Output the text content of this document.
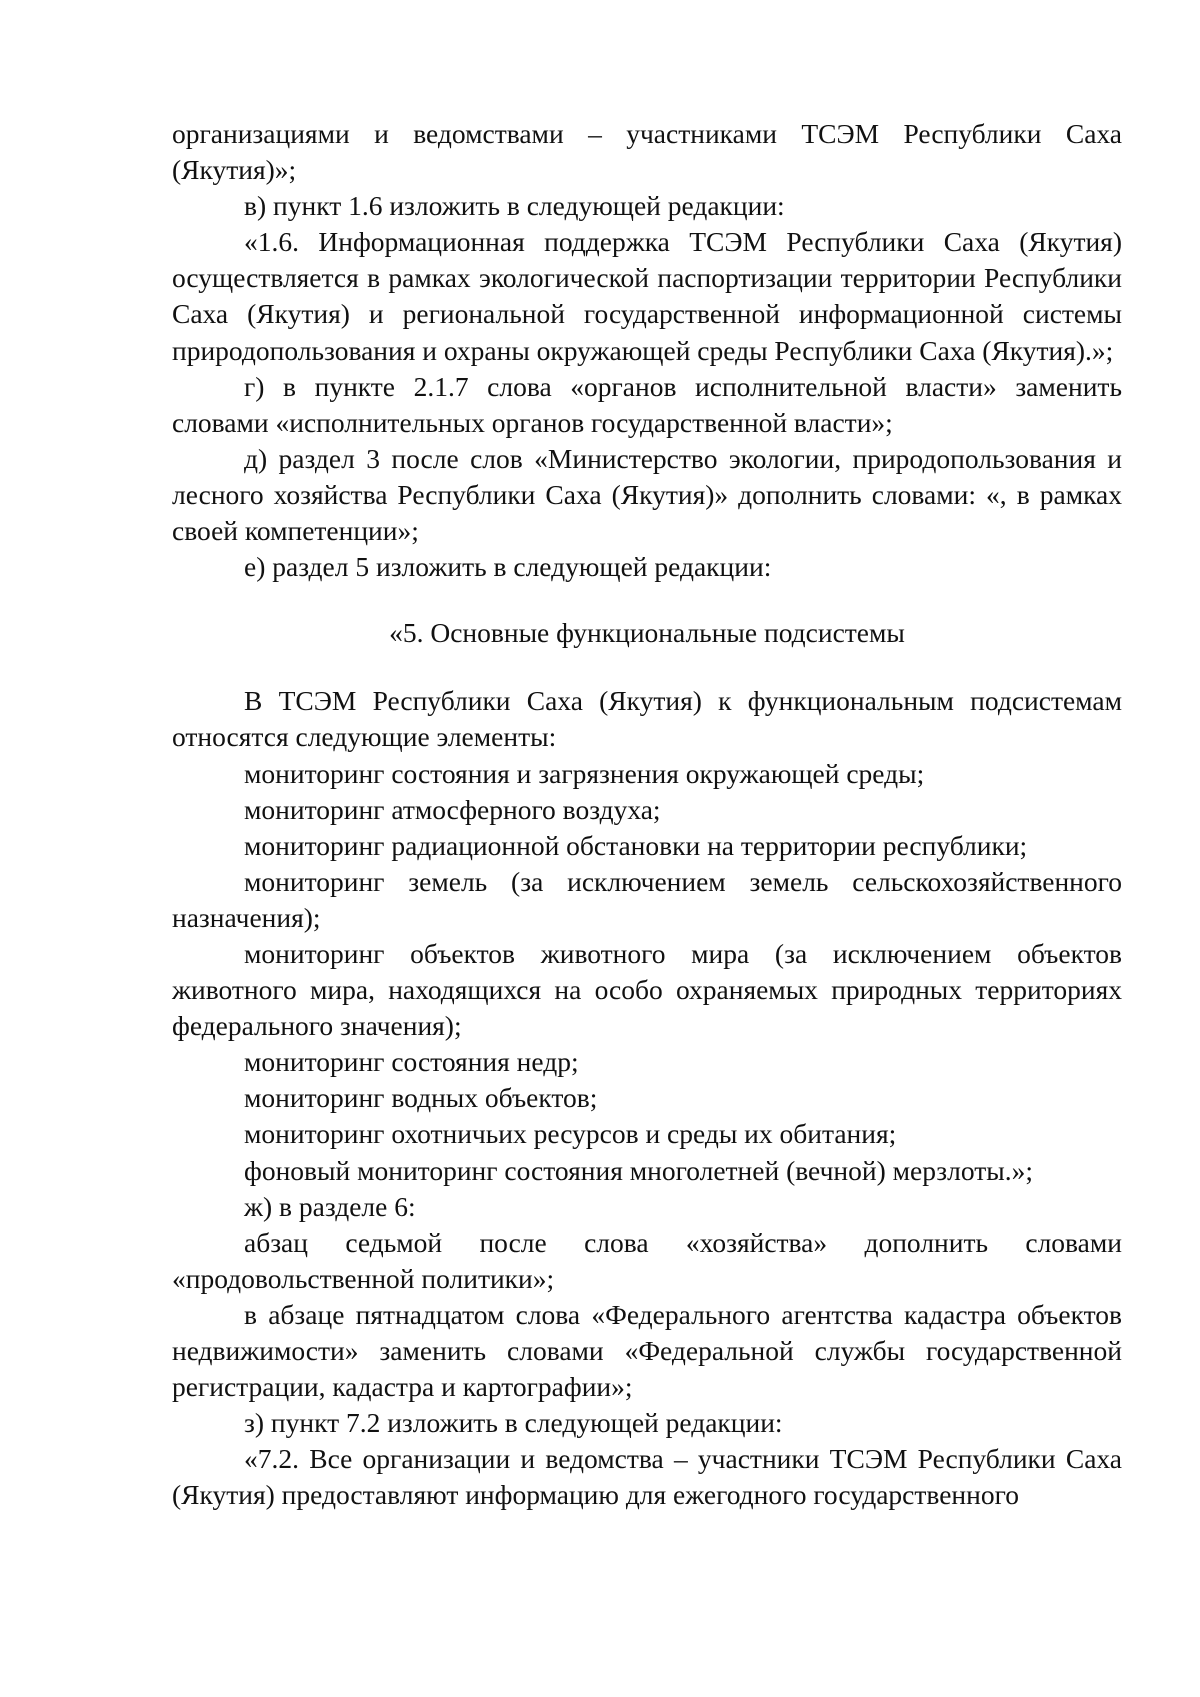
организациями и ведомствами – участниками ТСЭМ Республики Саха (Якутия)»;

в) пункт 1.6 изложить в следующей редакции:

«1.6. Информационная поддержка ТСЭМ Республики Саха (Якутия) осуществляется в рамках экологической паспортизации территории Республики Саха (Якутия) и региональной государственной информационной системы природопользования и охраны окружающей среды Республики Саха (Якутия).»;

г) в пункте 2.1.7 слова «органов исполнительной власти» заменить словами «исполнительных органов государственной власти»;

д) раздел 3 после слов «Министерство экологии, природопользования и лесного хозяйства Республики Саха (Якутия)» дополнить словами: «, в рамках своей компетенции»;

е) раздел 5 изложить в следующей редакции:

«5. Основные функциональные подсистемы

В ТСЭМ Республики Саха (Якутия) к функциональным подсистемам относятся следующие элементы:

мониторинг состояния и загрязнения окружающей среды;

мониторинг атмосферного воздуха;

мониторинг радиационной обстановки на территории республики;

мониторинг земель (за исключением земель сельскохозяйственного назначения);

мониторинг объектов животного мира (за исключением объектов животного мира, находящихся на особо охраняемых природных территориях федерального значения);

мониторинг состояния недр;

мониторинг водных объектов;

мониторинг охотничьих ресурсов и среды их обитания;

фоновый мониторинг состояния многолетней (вечной) мерзлоты.»;

ж) в разделе 6:

абзац седьмой после слова «хозяйства» дополнить словами «продовольственной политики»;

в абзаце пятнадцатом слова «Федерального агентства кадастра объектов недвижимости» заменить словами «Федеральной службы государственной регистрации, кадастра и картографии»;

з) пункт 7.2 изложить в следующей редакции:

«7.2. Все организации и ведомства – участники ТСЭМ Республики Саха (Якутия) предоставляют информацию для ежегодного государственного
